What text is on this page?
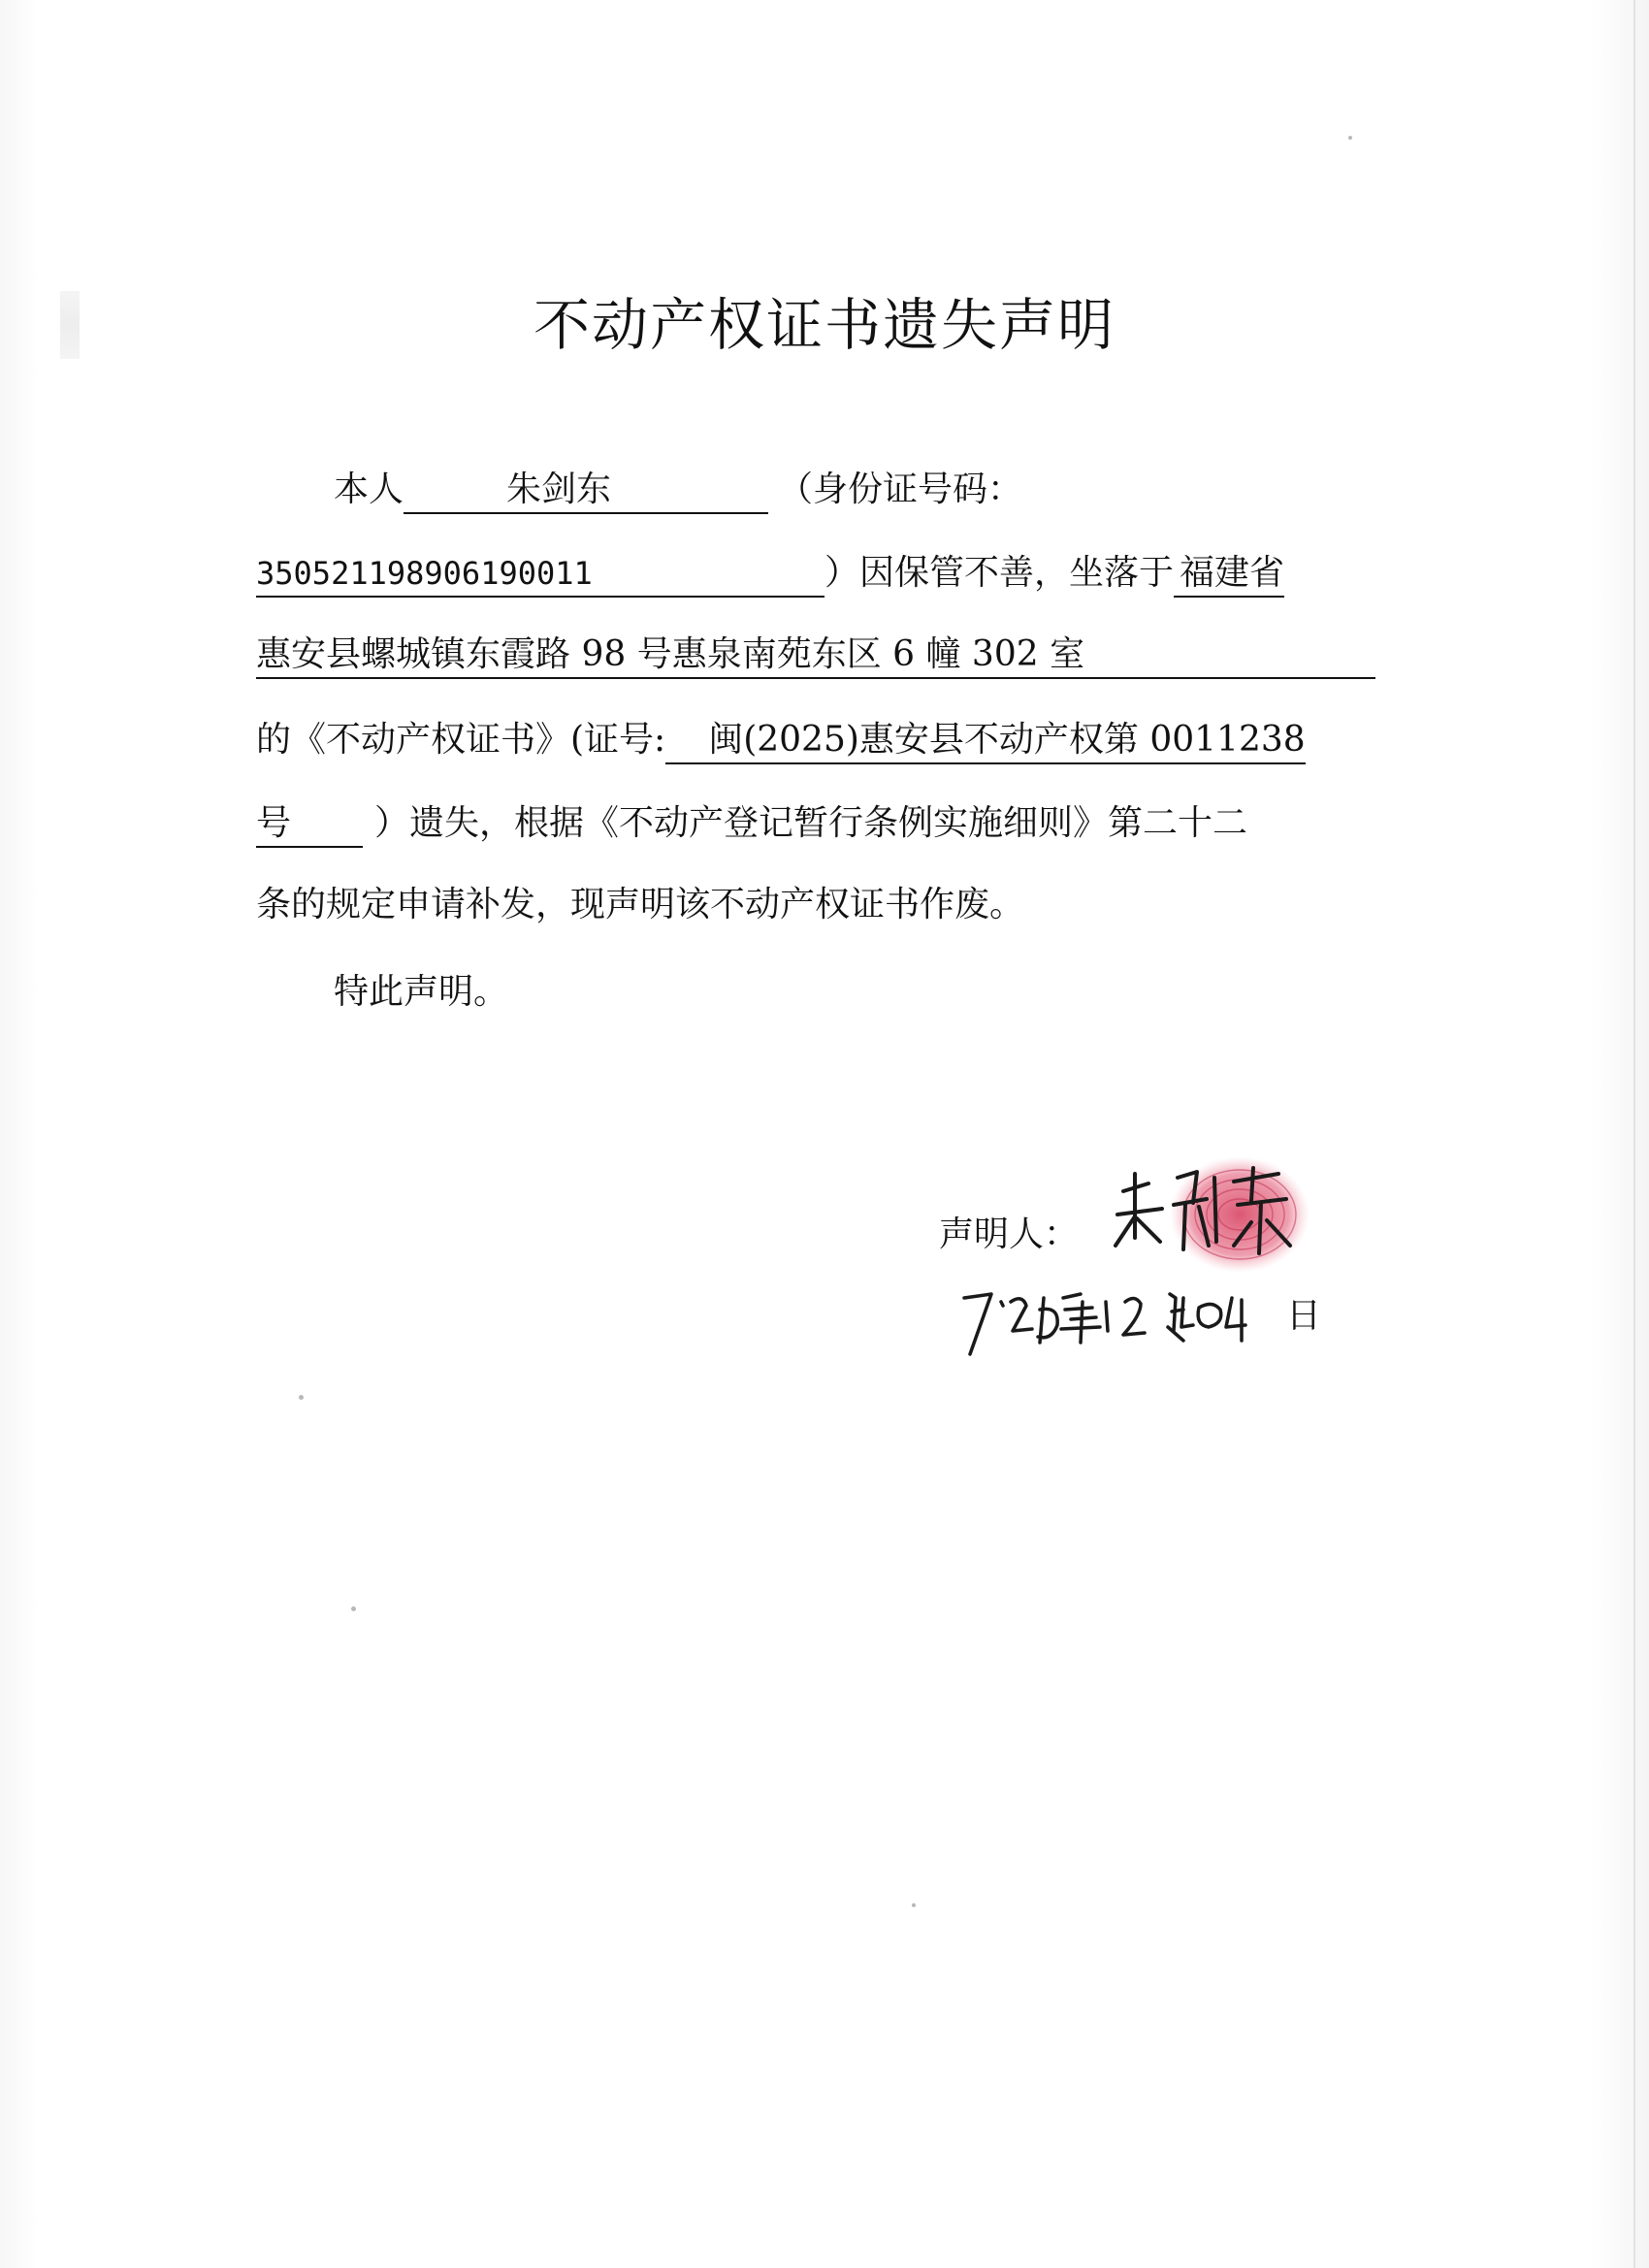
不动产权证书遗失声明
本人	朱剑东	（身份证号码：
350521198906190011	）因保管不善，坐落于 福建省
惠安县螺城镇东霞路 98 号惠泉南苑东区 6 幢 302 室
的《不动产权证书》(证号: 闽(2025)惠安县不动产权第 0011238
号 ）遗失，根据《不动产登记暂行条例实施细则》第二十二
条的规定申请补发，现声明该不动产权证书作废。
特此声明。
声明人：
日
